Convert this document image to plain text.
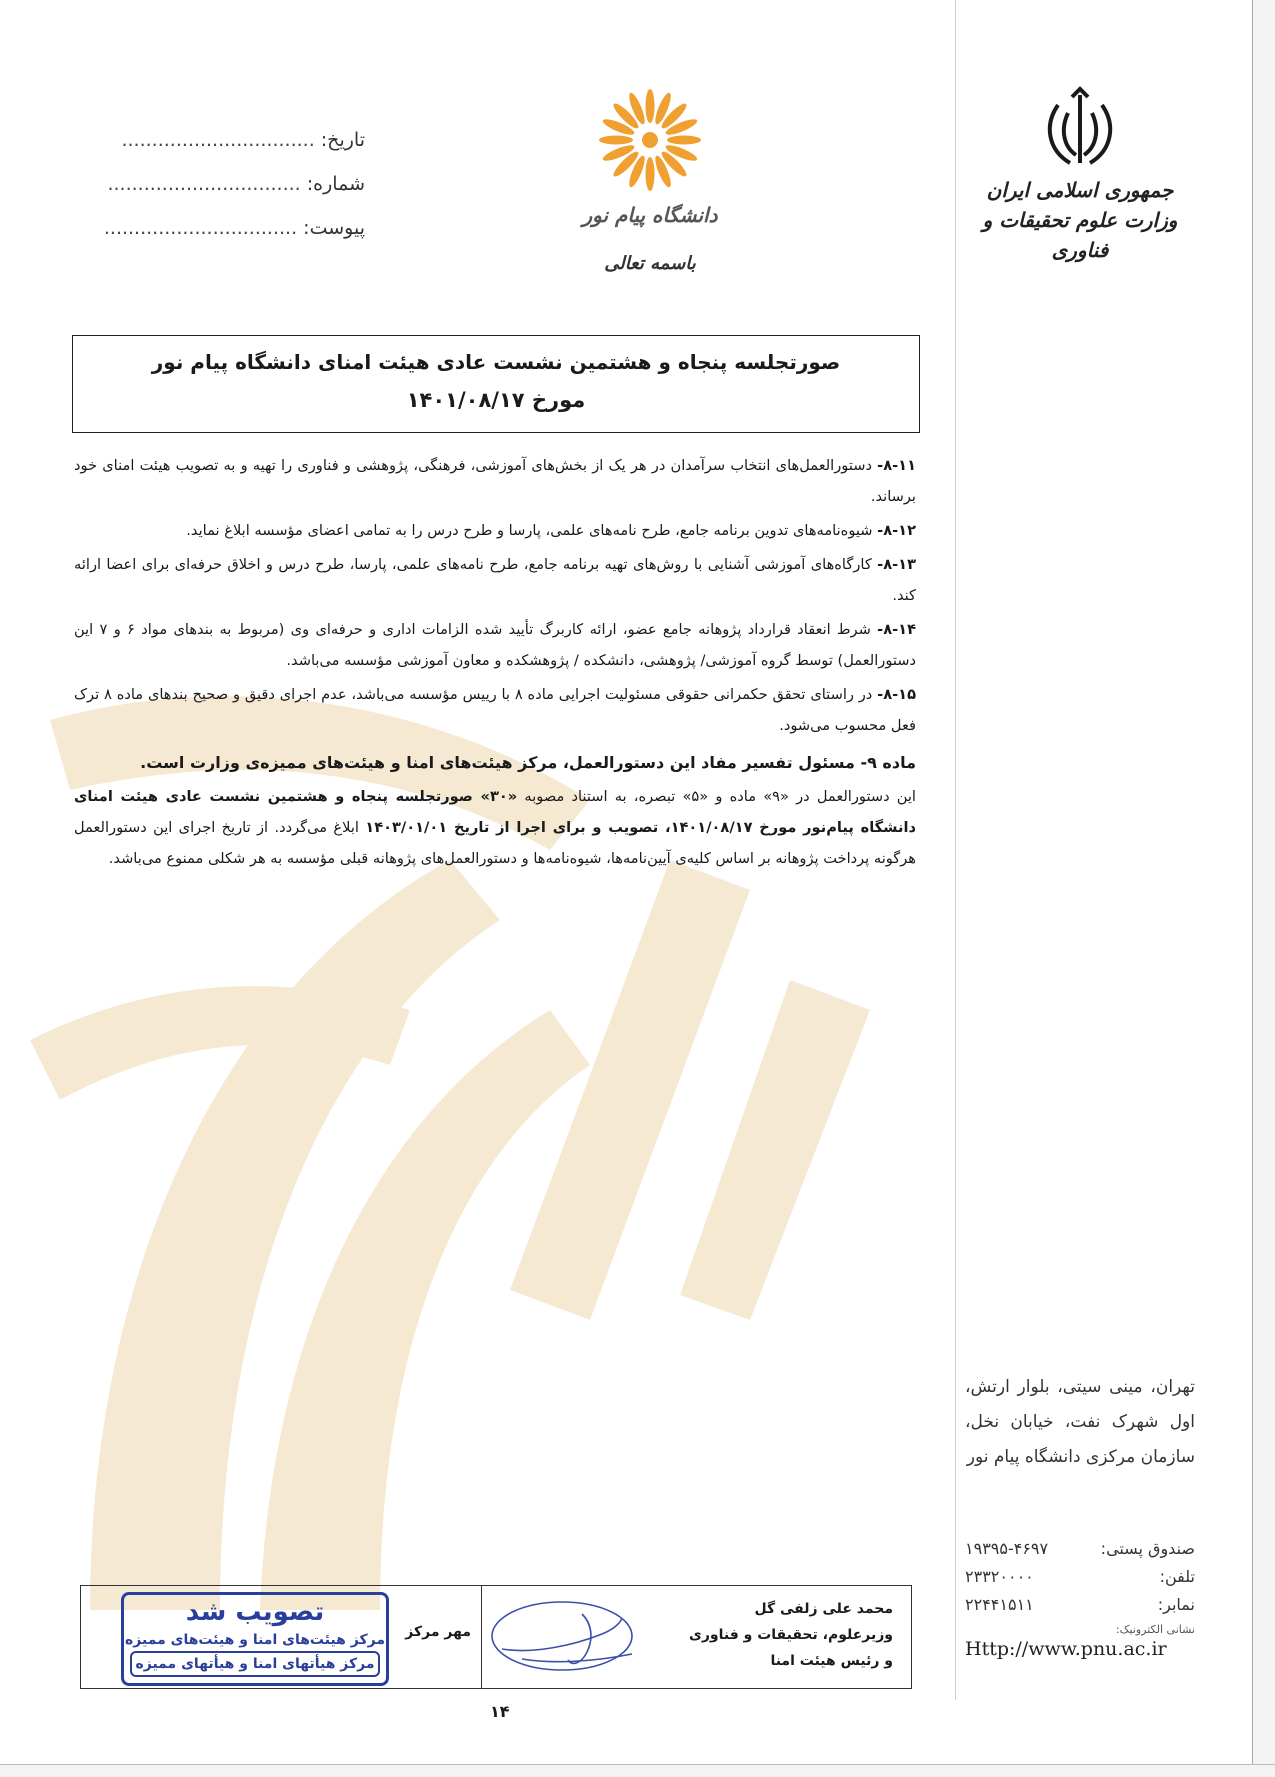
جمهوری اسلامی ایران
وزارت علوم تحقیقات و فناوری
دانشگاه پیام نور
باسمه تعالی
تاریخ: ................................
شماره: ................................
پیوست: ................................
صورتجلسه پنجاه و هشتمین نشست عادی هیئت امنای دانشگاه پیام نور
مورخ ۱۴۰۱/۰۸/۱۷

۸-۱۱- دستورالعمل‌های انتخاب سرآمدان در هر یک از بخش‌های آموزشی، فرهنگی، پژوهشی و فناوری را تهیه و به تصویب هیئت امنای خود برساند.

۸-۱۲- شیوه‌نامه‌های تدوین برنامه جامع، طرح نامه‌های علمی، پارسا و طرح درس را به تمامی اعضای مؤسسه ابلاغ نماید.

۸-۱۳- کارگاه‌های آموزشی آشنایی با روش‌های تهیه برنامه جامع، طرح نامه‌های علمی، پارسا، طرح درس و اخلاق حرفه‌ای برای اعضا ارائه کند.

۸-۱۴- شرط انعقاد قرارداد پژوهانه جامع عضو، ارائه کاربرگ تأیید شده الزامات اداری و حرفه‌ای وی (مربوط به بندهای مواد ۶ و ۷ این دستورالعمل) توسط گروه آموزشی/ پژوهشی، دانشکده / پژوهشکده و معاون آموزشی مؤسسه می‌باشد.

۸-۱۵- در راستای تحقق حکمرانی حقوقی مسئولیت اجرایی ماده ۸ با رییس مؤسسه می‌باشد، عدم اجرای دقیق و صحیح بندهای ماده ۸ ترک فعل محسوب می‌شود.

ماده ۹- مسئول تفسیر مفاد این دستورالعمل، مرکز هیئت‌های امنا و هیئت‌های ممیزه‌ی وزارت است.

این دستورالعمل در «۹» ماده و «۵» تبصره، به استناد مصوبه «۳۰» صورتجلسه پنجاه و هشتمین نشست عادی هیئت امنای دانشگاه پیام‌نور مورخ ۱۴۰۱/۰۸/۱۷، تصویب و برای اجرا از تاریخ ۱۴۰۳/۰۱/۰۱ ابلاغ می‌گردد. از تاریخ اجرای این دستورالعمل هرگونه پرداخت پژوهانه بر اساس کلیه‌ی آیین‌نامه‌ها، شیوه‌نامه‌ها و دستورالعمل‌های پژوهانه قبلی مؤسسه به هر شکلی ممنوع می‌باشد.

تهران، مینی سیتی، بلوار ارتش، اول شهرک نفت، خیابان نخل، سازمان مرکزی دانشگاه پیام نور
صندوق پستی:
۱۹۳۹۵-۴۶۹۷
تلفن:
۲۳۳۲۰۰۰۰
نمابر:
۲۲۴۴۱۵۱۱
نشانی الکترونیک:
Http://www.pnu.ac.ir
تصویب شد
مرکز هیئت‌های امنا و هیئت‌های ممیزه
مرکز هیأتهای امنا و هیأتهای ممیزه
مهر مرکز
محمد علی زلفی گل
وزیرعلوم، تحقیقات و فناوری
و رئیس هیئت امنا
۱۴
